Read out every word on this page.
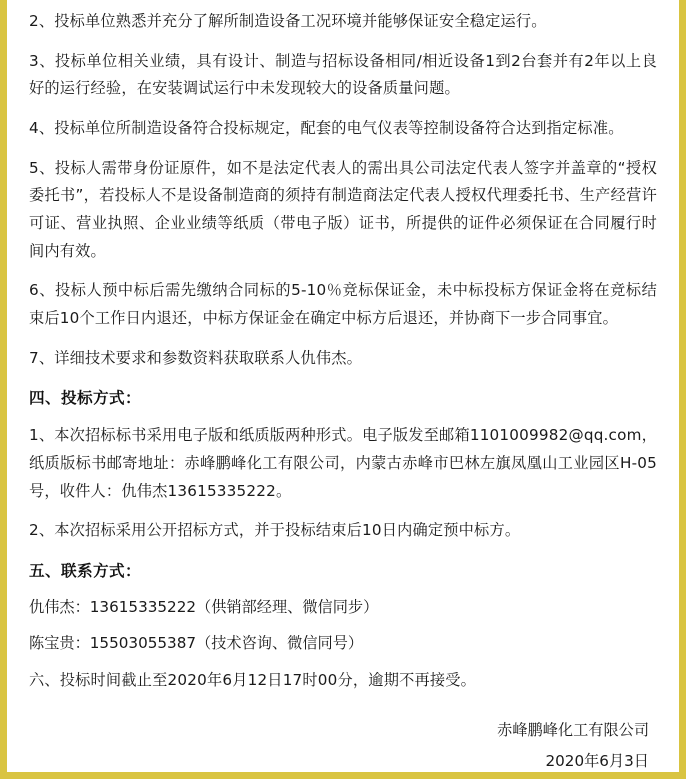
2、投标单位熟悉并充分了解所制造设备工况环境并能够保证安全稳定运行。

3、投标单位相关业绩，具有设计、制造与招标设备相同/相近设备1到2台套并有2年以上良好的运行经验，在安装调试运行中未发现较大的设备质量问题。

4、投标单位所制造设备符合投标规定，配套的电气仪表等控制设备符合达到指定标准。

5、投标人需带身份证原件，如不是法定代表人的需出具公司法定代表人签字并盖章的“授权委托书”，若投标人不是设备制造商的须持有制造商法定代表人授权代理委托书、生产经营许可证、营业执照、企业业绩等纸质（带电子版）证书，所提供的证件必须保证在合同履行时间内有效。

6、投标人预中标后需先缴纳合同标的5-10％竞标保证金，未中标投标方保证金将在竞标结束后10个工作日内退还，中标方保证金在确定中标方后退还，并协商下一步合同事宜。

7、详细技术要求和参数资料获取联系人仇伟杰。

四、投标方式：

1、本次招标标书采用电子版和纸质版两种形式。电子版发至邮箱1101009982@qq.com，纸质版标书邮寄地址：赤峰鹏峰化工有限公司，内蒙古赤峰市巴林左旗凤凰山工业园区H-05号，收件人：仇伟杰13615335222。

2、本次招标采用公开招标方式，并于投标结束后10日内确定预中标方。

五、联系方式：

仇伟杰：13615335222（供销部经理、微信同步）

陈宝贵：15503055387（技术咨询、微信同号）

六、投标时间截止至2020年6月12日17时00分，逾期不再接受。

赤峰鹏峰化工有限公司
2020年6月3日
